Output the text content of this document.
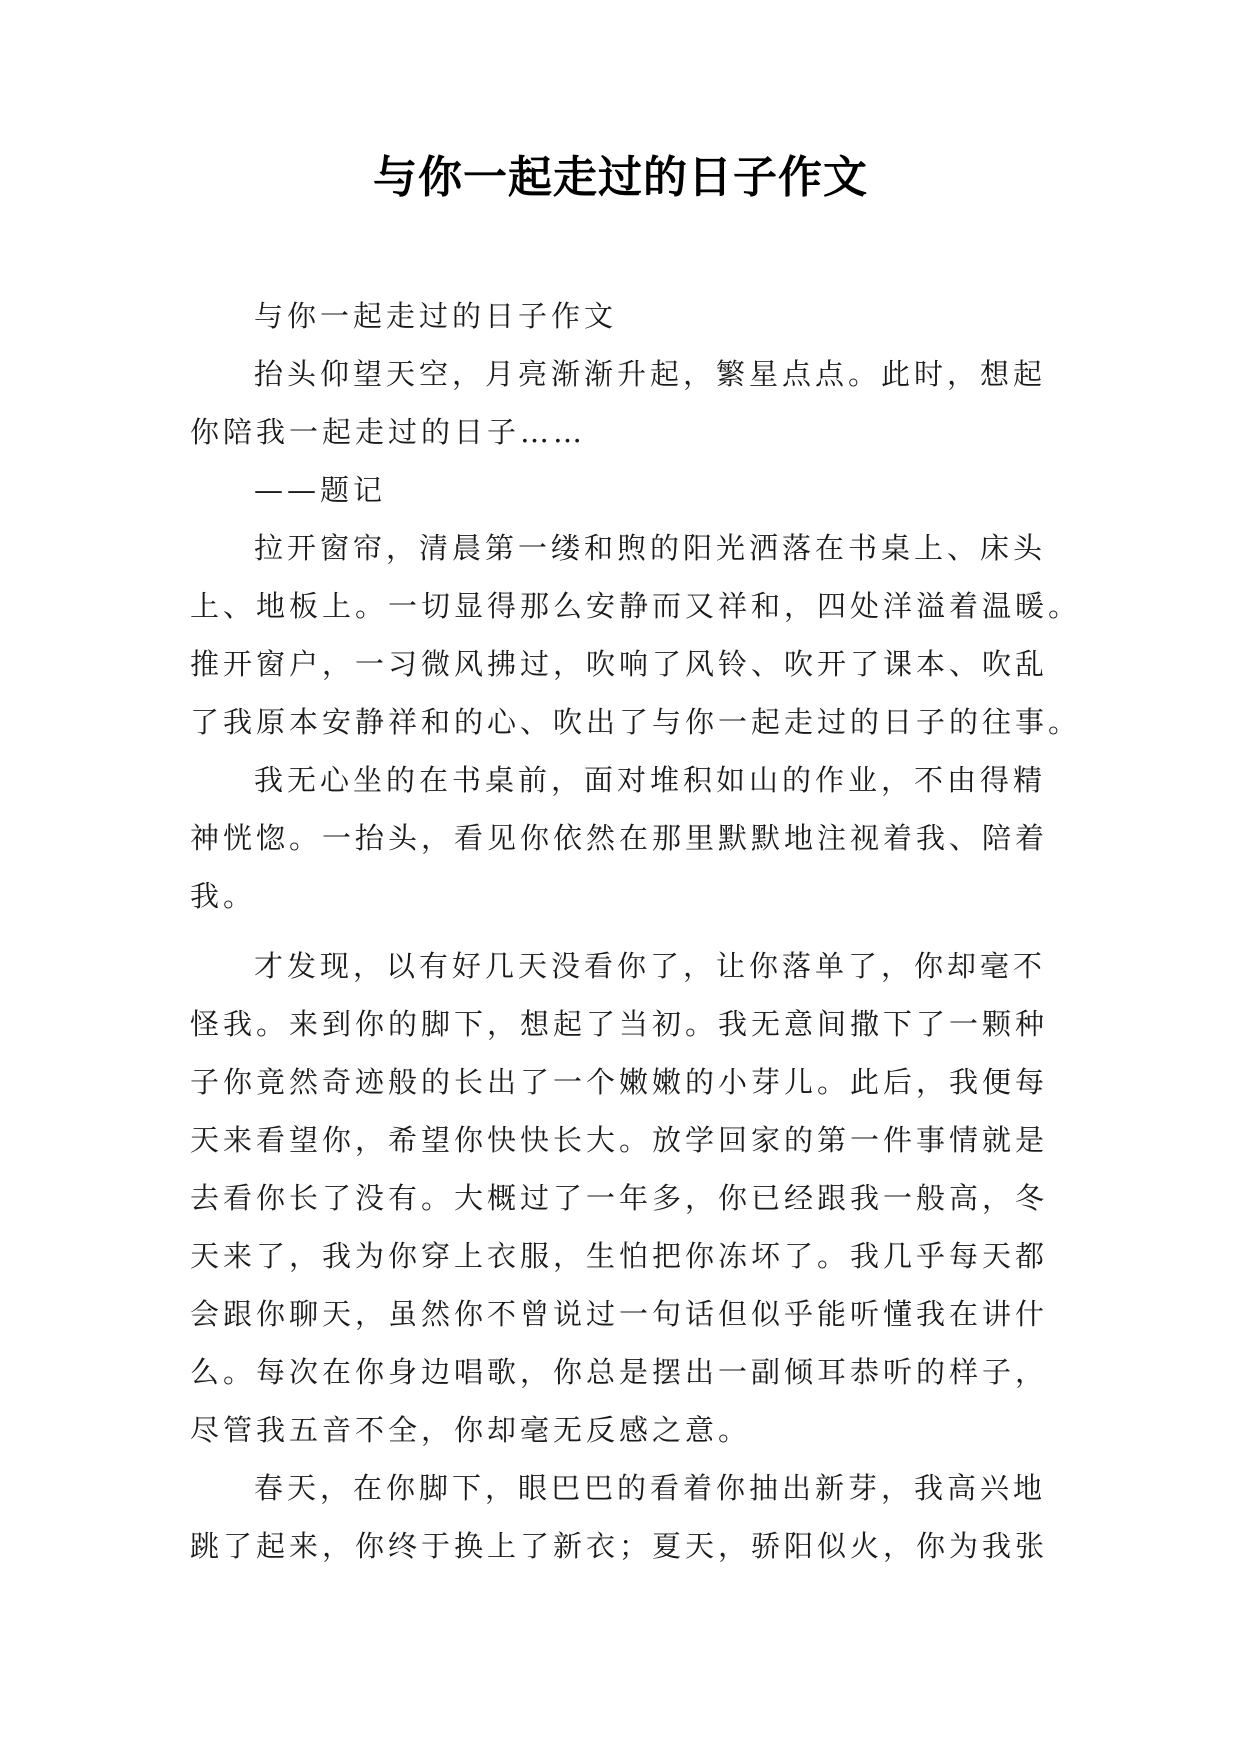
与你一起走过的日子作文
与你一起走过的日子作文
抬头仰望天空，月亮渐渐升起，繁星点点。此时，想起
你陪我一起走过的日子……
——题记
拉开窗帘，清晨第一缕和煦的阳光洒落在书桌上、床头
上、地板上。一切显得那么安静而又祥和，四处洋溢着温暖。
推开窗户，一习微风拂过，吹响了风铃、吹开了课本、吹乱
了我原本安静祥和的心、吹出了与你一起走过的日子的往事。
我无心坐的在书桌前，面对堆积如山的作业，不由得精
神恍惚。一抬头，看见你依然在那里默默地注视着我、陪着
我。
才发现，以有好几天没看你了，让你落单了，你却毫不
怪我。来到你的脚下，想起了当初。我无意间撒下了一颗种
子你竟然奇迹般的长出了一个嫩嫩的小芽儿。此后，我便每
天来看望你，希望你快快长大。放学回家的第一件事情就是
去看你长了没有。大概过了一年多，你已经跟我一般高，冬
天来了，我为你穿上衣服，生怕把你冻坏了。我几乎每天都
会跟你聊天，虽然你不曾说过一句话但似乎能听懂我在讲什
么。每次在你身边唱歌，你总是摆出一副倾耳恭听的样子，
尽管我五音不全，你却毫无反感之意。
春天，在你脚下，眼巴巴的看着你抽出新芽，我高兴地
跳了起来，你终于换上了新衣；夏天，骄阳似火，你为我张
